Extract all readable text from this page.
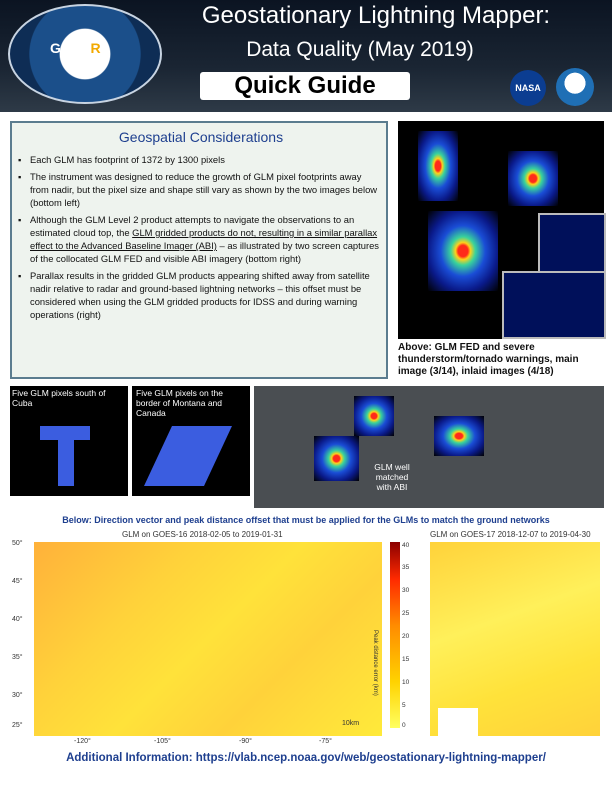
GOESR
Geostationary Lightning Mapper:
Data Quality (May 2019)
Quick Guide	NASA
Geospatial Considerations
▪ Each GLM has footprint of 1372 by 1300 pixels
▪ The instrument was designed to reduce the growth of GLM pixel footprints away from nadir, but the pixel size and shape still vary as shown by the two images below (bottom left)
▪ Although the GLM Level 2 product attempts to navigate the observations to an estimated cloud top, the GLM gridded products do not, resulting in a similar parallax effect to the Advanced Baseline Imager (ABI) – as illustrated by two screen captures of the collocated GLM FED and visible ABI imagery (bottom right)
▪ Parallax results in the gridded GLM products appearing shifted away from satellite nadir relative to radar and ground-based lightning networks – this offset must be considered when using the GLM gridded products for IDSS and during warning operations (right)
Above: GLM FED and severe thunderstorm/tornado warnings, main image (3/14), inlaid images (4/18)
Five GLM pixels south of Cuba
Five GLM pixels on the border of Montana and Canada
GLM well matched with ABI
Below: Direction vector and peak distance offset that must be applied for the GLMs to match the ground networks
GLM on GOES-16 2018-02-05 to 2019-01-31
50°
45°
40°
35°
30°
25°
-120°	-105°	-90°	-75°
10km
40
35
30
25
20
15
10
5
0
Peak distance error (km)
GLM on GOES-17 2018-12-07 to 2019-04-30
Additional Information: https://vlab.ncep.noaa.gov/web/geostationary-lightning-mapper/
